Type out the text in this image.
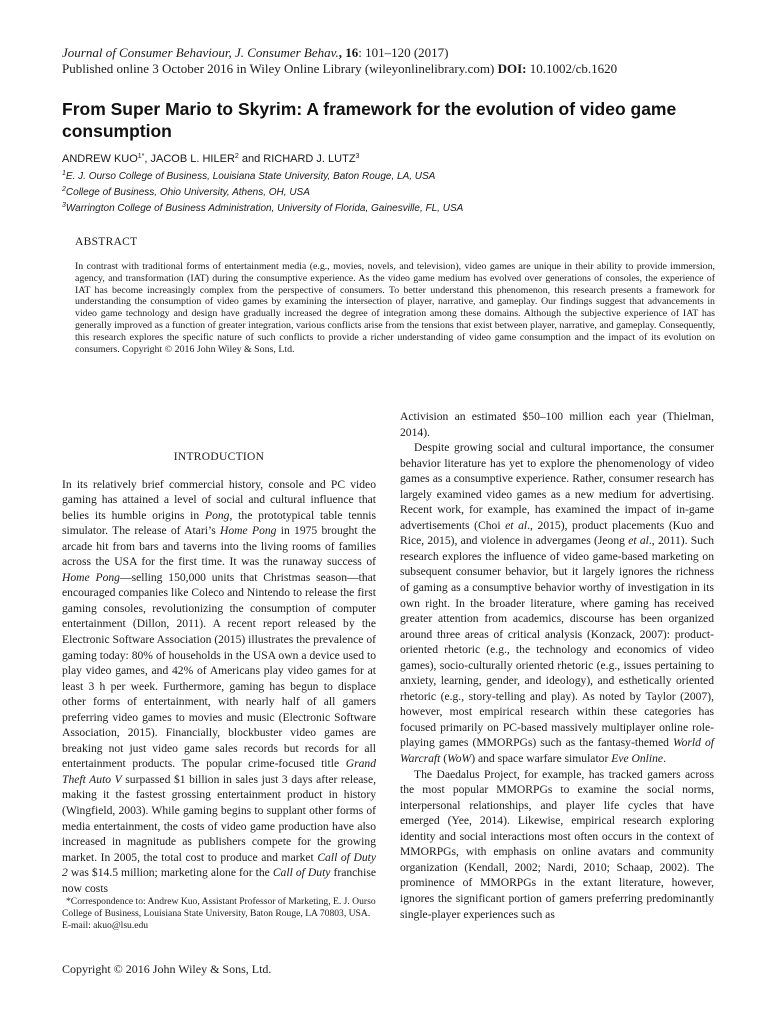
Journal of Consumer Behaviour, J. Consumer Behav., 16: 101–120 (2017)
Published online 3 October 2016 in Wiley Online Library (wileyonlinelibrary.com) DOI: 10.1002/cb.1620
From Super Mario to Skyrim: A framework for the evolution of video game consumption
ANDREW $KUO^{1*}$, JACOB L. HILER$^2$ and RICHARD J. LUTZ$^3$
$^1$E. J. Ourso College of Business, Louisiana State University, Baton Rouge, LA, USA
$^2$College of Business, Ohio University, Athens, OH, USA
$^3$Warrington College of Business Administration, University of Florida, Gainesville, FL, USA
ABSTRACT
In contrast with traditional forms of entertainment media (e.g., movies, novels, and television), video games are unique in their ability to provide immersion, agency, and transformation (IAT) during the consumptive experience. As the video game medium has evolved over generations of consoles, the experience of IAT has become increasingly complex from the perspective of consumers. To better understand this phenomenon, this research presents a framework for understanding the consumption of video games by examining the intersection of player, narrative, and gameplay. Our findings suggest that advancements in video game technology and design have gradually increased the degree of integration among these domains. Although the subjective experience of IAT has generally improved as a function of greater integration, various conflicts arise from the tensions that exist between player, narrative, and gameplay. Consequently, this research explores the specific nature of such conflicts to provide a richer understanding of video game consumption and the impact of its evolution on consumers. Copyright © 2016 John Wiley & Sons, Ltd.
INTRODUCTION

In its relatively brief commercial history, console and PC video gaming has attained a level of social and cultural influence that belies its humble origins in Pong, the prototypical table tennis simulator. The release of Atari’s Home Pong in 1975 brought the arcade hit from bars and taverns into the living rooms of families across the USA for the first time. It was the runaway success of Home Pong—selling 150,000 units that Christmas season—that encouraged companies like Coleco and Nintendo to release the first gaming consoles, revolutionizing the consumption of computer entertainment (Dillon, 2011). A recent report released by the Electronic Software Association (2015) illustrates the prevalence of gaming today: 80% of households in the USA own a device used to play video games, and 42% of Americans play video games for at least 3 h per week. Furthermore, gaming has begun to displace other forms of entertainment, with nearly half of all gamers preferring video games to movies and music (Electronic Software Association, 2015). Financially, blockbuster video games are breaking not just video game sales records but records for all entertainment products. The popular crime-focused title Grand Theft Auto V surpassed $1 billion in sales just 3 days after release, making it the fastest grossing entertainment product in history (Wingfield, 2003). While gaming begins to supplant other forms of media entertainment, the costs of video game production have also increased in magnitude as publishers compete for the growing market. In 2005, the total cost to produce and market Call of Duty 2 was $14.5 million; marketing alone for the Call of Duty franchise now costs

Activision an estimated $50–100 million each year (Thielman, 2014).

Despite growing social and cultural importance, the consumer behavior literature has yet to explore the phenomenology of video games as a consumptive experience. Rather, consumer research has largely examined video games as a new medium for advertising. Recent work, for example, has examined the impact of in-game advertisements (Choi et al., 2015), product placements (Kuo and Rice, 2015), and violence in advergames (Jeong et al., 2011). Such research explores the influence of video game-based marketing on subsequent consumer behavior, but it largely ignores the richness of gaming as a consumptive behavior worthy of investigation in its own right. In the broader literature, where gaming has received greater attention from academics, discourse has been organized around three areas of critical analysis (Konzack, 2007): product-oriented rhetoric (e.g., the technology and economics of video games), socio-culturally oriented rhetoric (e.g., issues pertaining to anxiety, learning, gender, and ideology), and esthetically oriented rhetoric (e.g., story-telling and play). As noted by Taylor (2007), however, most empirical research within these categories has focused primarily on PC-based massively multiplayer online role-playing games (MMORPGs) such as the fantasy-themed World of Warcraft (WoW) and space warfare simulator Eve Online.

The Daedalus Project, for example, has tracked gamers across the most popular MMORPGs to examine the social norms, interpersonal relationships, and player life cycles that have emerged (Yee, 2014). Likewise, empirical research exploring identity and social interactions most often occurs in the context of MMORPGs, with emphasis on online avatars and community organization (Kendall, 2002; Nardi, 2010; Schaap, 2002). The prominence of MMORPGs in the extant literature, however, ignores the significant portion of gamers preferring predominantly single-player experiences such as

*Correspondence to: Andrew Kuo, Assistant Professor of Marketing, E. J. Ourso College of Business, Louisiana State University, Baton Rouge, LA 70803, USA.

E-mail: akuo@lsu.edu

Copyright © 2016 John Wiley & Sons, Ltd.
